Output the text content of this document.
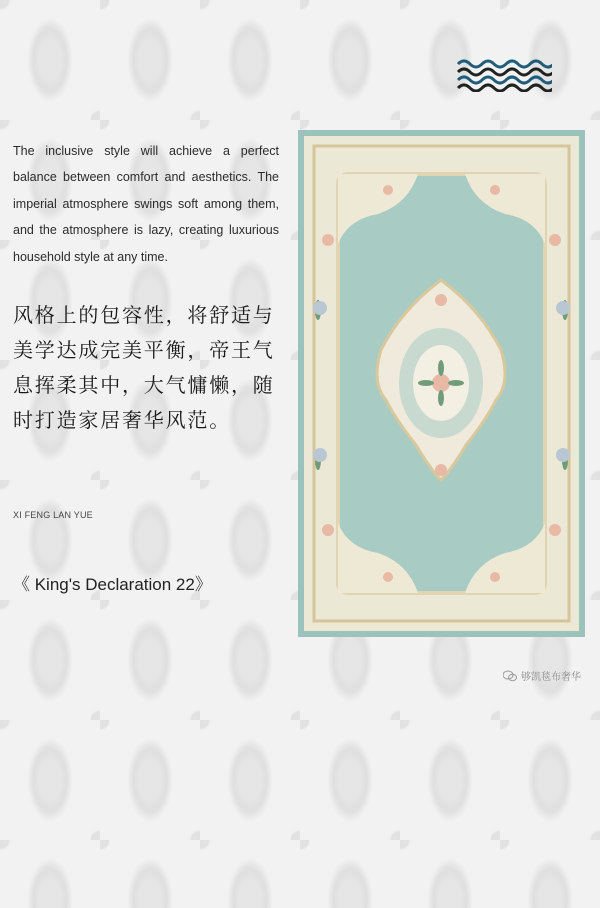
The inclusive style will achieve a perfect balance between comfort and aesthetics. The imperial atmosphere swings soft among them, and the atmosphere is lazy, creating luxurious household style at any time.

风格上的包容性，将舒适与
美学达成完美平衡，帝王气
息挥柔其中，大气慵懒，随
时打造家居奢华风范。

XI FENG LAN YUE
《 King's Declaration 22》
够凯毯布奢华
